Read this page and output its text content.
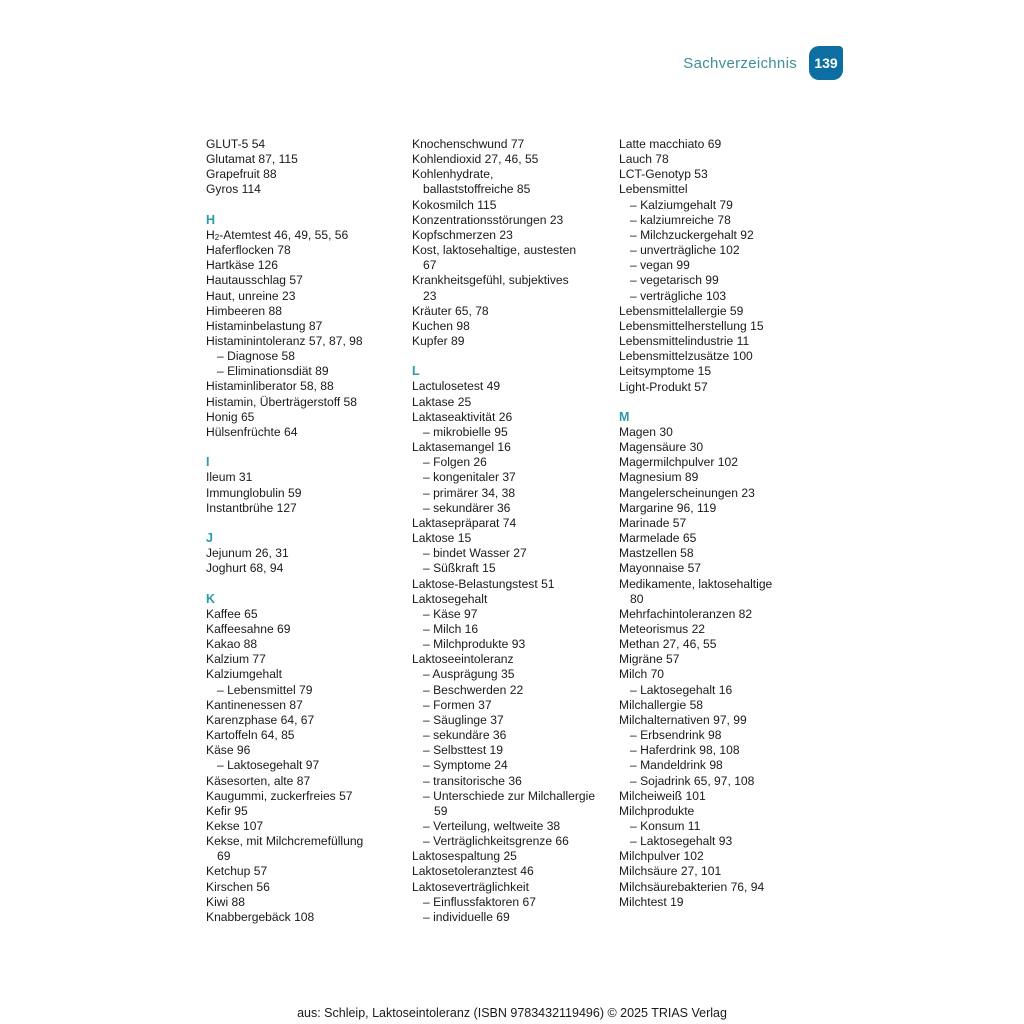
Sachverzeichnis	139
GLUT-5 54
Glutamat 87, 115
Grapefruit 88
Gyros 114
H
$H_2$-Atemtest 46, 49, 55, 56
Haferflocken 78
Hartkäse 126
Hautausschlag 57
Haut, unreine 23
Himbeeren 88
Histaminbelastung 87
Histaminintoleranz 57, 87, 98
– Diagnose 58
– Eliminationsdiät 89
Histaminliberator 58, 88
Histamin, Überträgerstoff 58
Honig 65
Hülsenfrüchte 64
I
Ileum 31
Immunglobulin 59
Instantbrühe 127
J
Jejunum 26, 31
Joghurt 68, 94
K
Kaffee 65
Kaffeesahne 69
Kakao 88
Kalzium 77
Kalziumgehalt
– Lebensmittel 79
Kantinenessen 87
Karenzphase 64, 67
Kartoffeln 64, 85
Käse 96
– Laktosegehalt 97
Käsesorten, alte 87
Kaugummi, zuckerfreies 57
Kefir 95
Kekse 107
Kekse, mit Milchcremefüllung
69
Ketchup 57
Kirschen 56
Kiwi 88
Knabbergebäck 108
Knochenschwund 77
Kohlendioxid 27, 46, 55
Kohlenhydrate,
ballaststoffreiche 85
Kokosmilch 115
Konzentrationsstörungen 23
Kopfschmerzen 23
Kost, laktosehaltige, austesten
67
Krankheitsgefühl, subjektives
23
Kräuter 65, 78
Kuchen 98
Kupfer 89
L
Lactulosetest 49
Laktase 25
Laktaseaktivität 26
– mikrobielle 95
Laktasemangel 16
– Folgen 26
– kongenitaler 37
– primärer 34, 38
– sekundärer 36
Laktasepräparat 74
Laktose 15
– bindet Wasser 27
– Süßkraft 15
Laktose-Belastungstest 51
Laktosegehalt
– Käse 97
– Milch 16
– Milchprodukte 93
Laktoseeintoleranz
– Ausprägung 35
– Beschwerden 22
– Formen 37
– Säuglinge 37
– sekundäre 36
– Selbsttest 19
– Symptome 24
– transitorische 36
– Unterschiede zur Milchallergie
59
– Verteilung, weltweite 38
– Verträglichkeitsgrenze 66
Laktosespaltung 25
Laktosetoleranztest 46
Laktoseverträglichkeit
– Einflussfaktoren 67
– individuelle 69
Latte macchiato 69
Lauch 78
LCT-Genotyp 53
Lebensmittel
– Kalziumgehalt 79
– kalziumreiche 78
– Milchzuckergehalt 92
– unverträgliche 102
– vegan 99
– vegetarisch 99
– verträgliche 103
Lebensmittelallergie 59
Lebensmittelherstellung 15
Lebensmittelindustrie 11
Lebensmittelzusätze 100
Leitsymptome 15
Light-Produkt 57
M
Magen 30
Magensäure 30
Magermilchpulver 102
Magnesium 89
Mangelerscheinungen 23
Margarine 96, 119
Marinade 57
Marmelade 65
Mastzellen 58
Mayonnaise 57
Medikamente, laktosehaltige
80
Mehrfachintoleranzen 82
Meteorismus 22
Methan 27, 46, 55
Migräne 57
Milch 70
– Laktosegehalt 16
Milchallergie 58
Milchalternativen 97, 99
– Erbsendrink 98
– Haferdrink 98, 108
– Mandeldrink 98
– Sojadrink 65, 97, 108
Milcheiweiß 101
Milchprodukte
– Konsum 11
– Laktosegehalt 93
Milchpulver 102
Milchsäure 27, 101
Milchsäurebakterien 76, 94
Milchtest 19
aus: Schleip, Laktoseintoleranz (ISBN 9783432119496) © 2025 TRIAS Verlag
